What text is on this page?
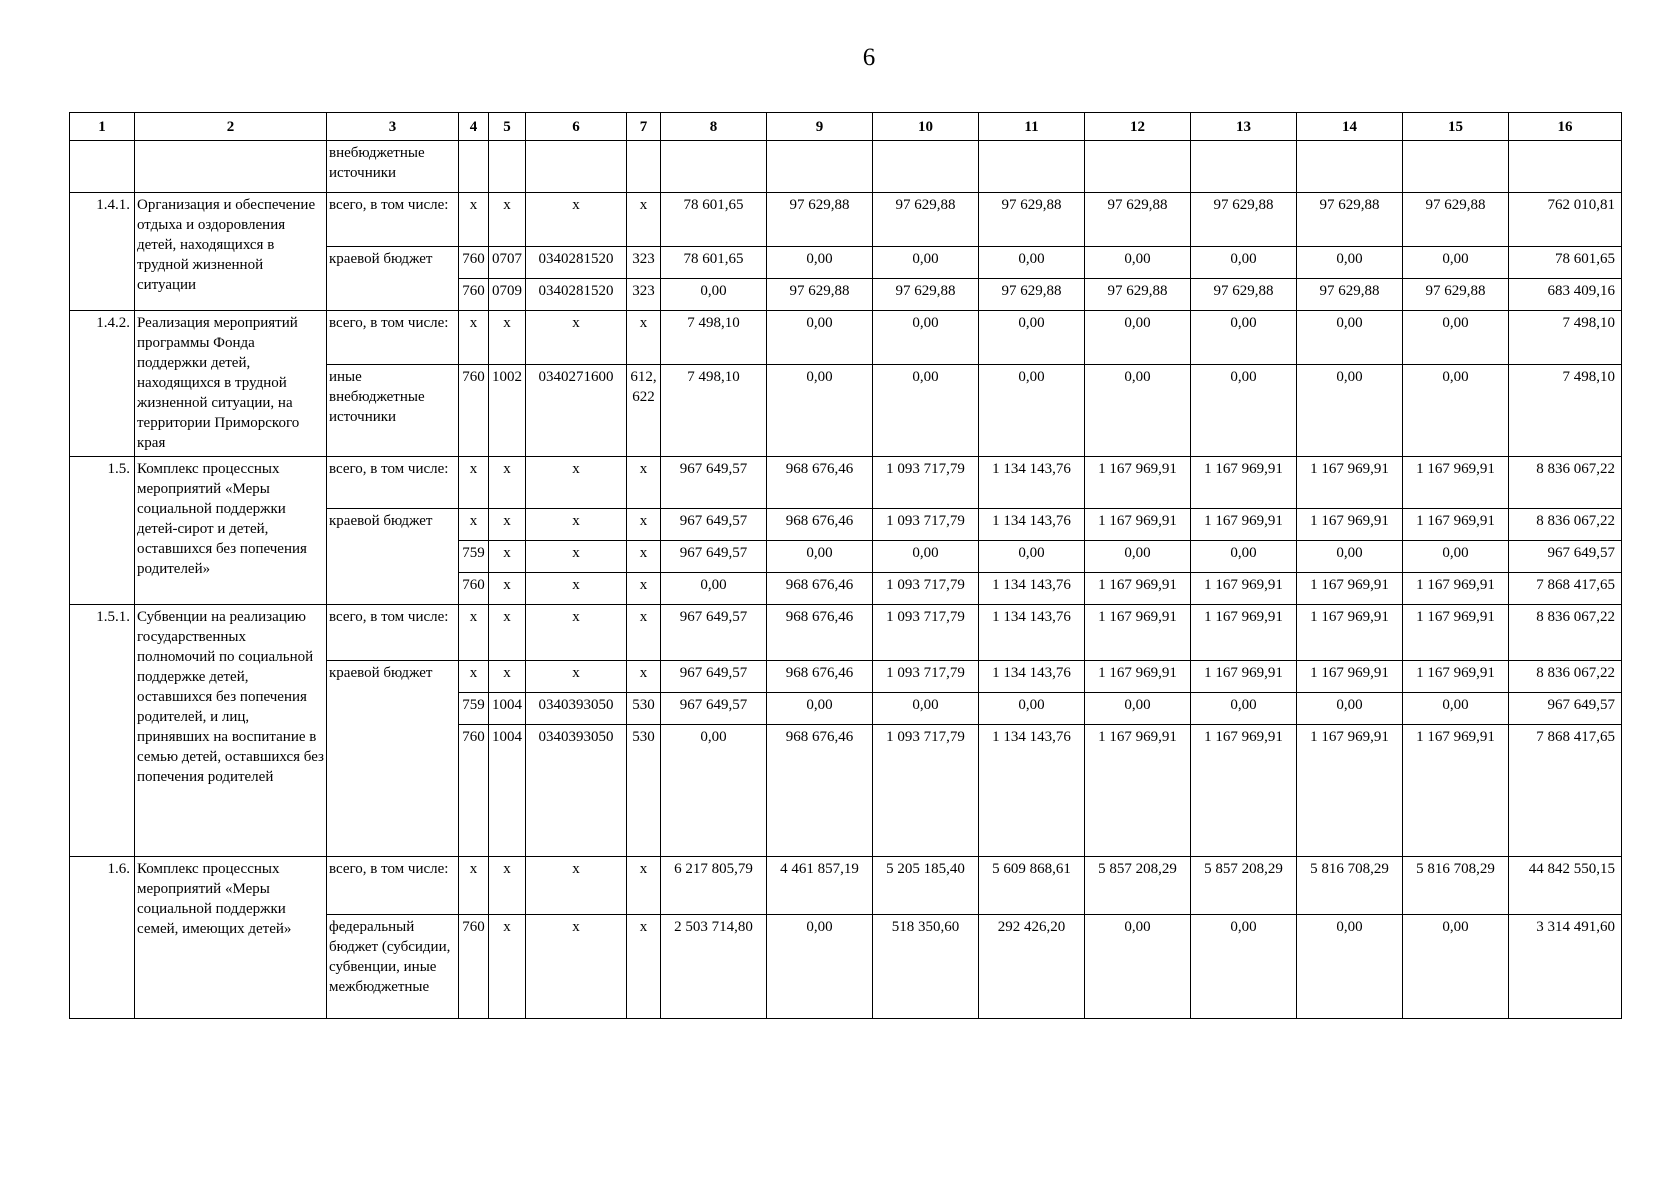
6
1	2	3	4	5	6	7	8	9	10	11	12	13	14	15	16
		внебюджетные источники													
1.4.1.	Организация и обеспечение отдыха и оздоровления детей, находящихся в трудной жизненной ситуации	всего, в том числе:	x	x	x	x	78 601,65	97 629,88	97 629,88	97 629,88	97 629,88	97 629,88	97 629,88	97 629,88	762 010,81
		краевой бюджет	760	0707	0340281520	323	78 601,65	0,00	0,00	0,00	0,00	0,00	0,00	0,00	78 601,65
			760	0709	0340281520	323	0,00	97 629,88	97 629,88	97 629,88	97 629,88	97 629,88	97 629,88	97 629,88	683 409,16
1.4.2.	Реализация мероприятий программы Фонда поддержки детей, находящихся в трудной жизненной ситуации, на территории Приморского края	всего, в том числе:	x	x	x	x	7 498,10	0,00	0,00	0,00	0,00	0,00	0,00	0,00	7 498,10
		иные внебюджетные источники	760	1002	0340271600	612, 622	7 498,10	0,00	0,00	0,00	0,00	0,00	0,00	0,00	7 498,10
1.5.	Комплекс процессных мероприятий «Меры социальной поддержки детей-сирот и детей, оставшихся без попечения родителей»	всего, в том числе:	x	x	x	x	967 649,57	968 676,46	1 093 717,79	1 134 143,76	1 167 969,91	1 167 969,91	1 167 969,91	1 167 969,91	8 836 067,22
		краевой бюджет	x	x	x	x	967 649,57	968 676,46	1 093 717,79	1 134 143,76	1 167 969,91	1 167 969,91	1 167 969,91	1 167 969,91	8 836 067,22
			759	x	x	x	967 649,57	0,00	0,00	0,00	0,00	0,00	0,00	0,00	967 649,57
			760	x	x	x	0,00	968 676,46	1 093 717,79	1 134 143,76	1 167 969,91	1 167 969,91	1 167 969,91	1 167 969,91	7 868 417,65
1.5.1.	Субвенции на реализацию государственных полномочий по социальной поддержке детей, оставшихся без попечения родителей, и лиц, принявших на воспитание в семью детей, оставшихся без попечения родителей	всего, в том числе:	x	x	x	x	967 649,57	968 676,46	1 093 717,79	1 134 143,76	1 167 969,91	1 167 969,91	1 167 969,91	1 167 969,91	8 836 067,22
		краевой бюджет	x	x	x	x	967 649,57	968 676,46	1 093 717,79	1 134 143,76	1 167 969,91	1 167 969,91	1 167 969,91	1 167 969,91	8 836 067,22
			759	1004	0340393050	530	967 649,57	0,00	0,00	0,00	0,00	0,00	0,00	0,00	967 649,57
			760	1004	0340393050	530	0,00	968 676,46	1 093 717,79	1 134 143,76	1 167 969,91	1 167 969,91	1 167 969,91	1 167 969,91	7 868 417,65
1.6.	Комплекс процессных мероприятий «Меры социальной поддержки семей, имеющих детей»	всего, в том числе:	x	x	x	x	6 217 805,79	4 461 857,19	5 205 185,40	5 609 868,61	5 857 208,29	5 857 208,29	5 816 708,29	5 816 708,29	44 842 550,15
		федеральный бюджет (субсидии, субвенции, иные межбюджетные	760	x	x	x	2 503 714,80	0,00	518 350,60	292 426,20	0,00	0,00	0,00	0,00	3 314 491,60
